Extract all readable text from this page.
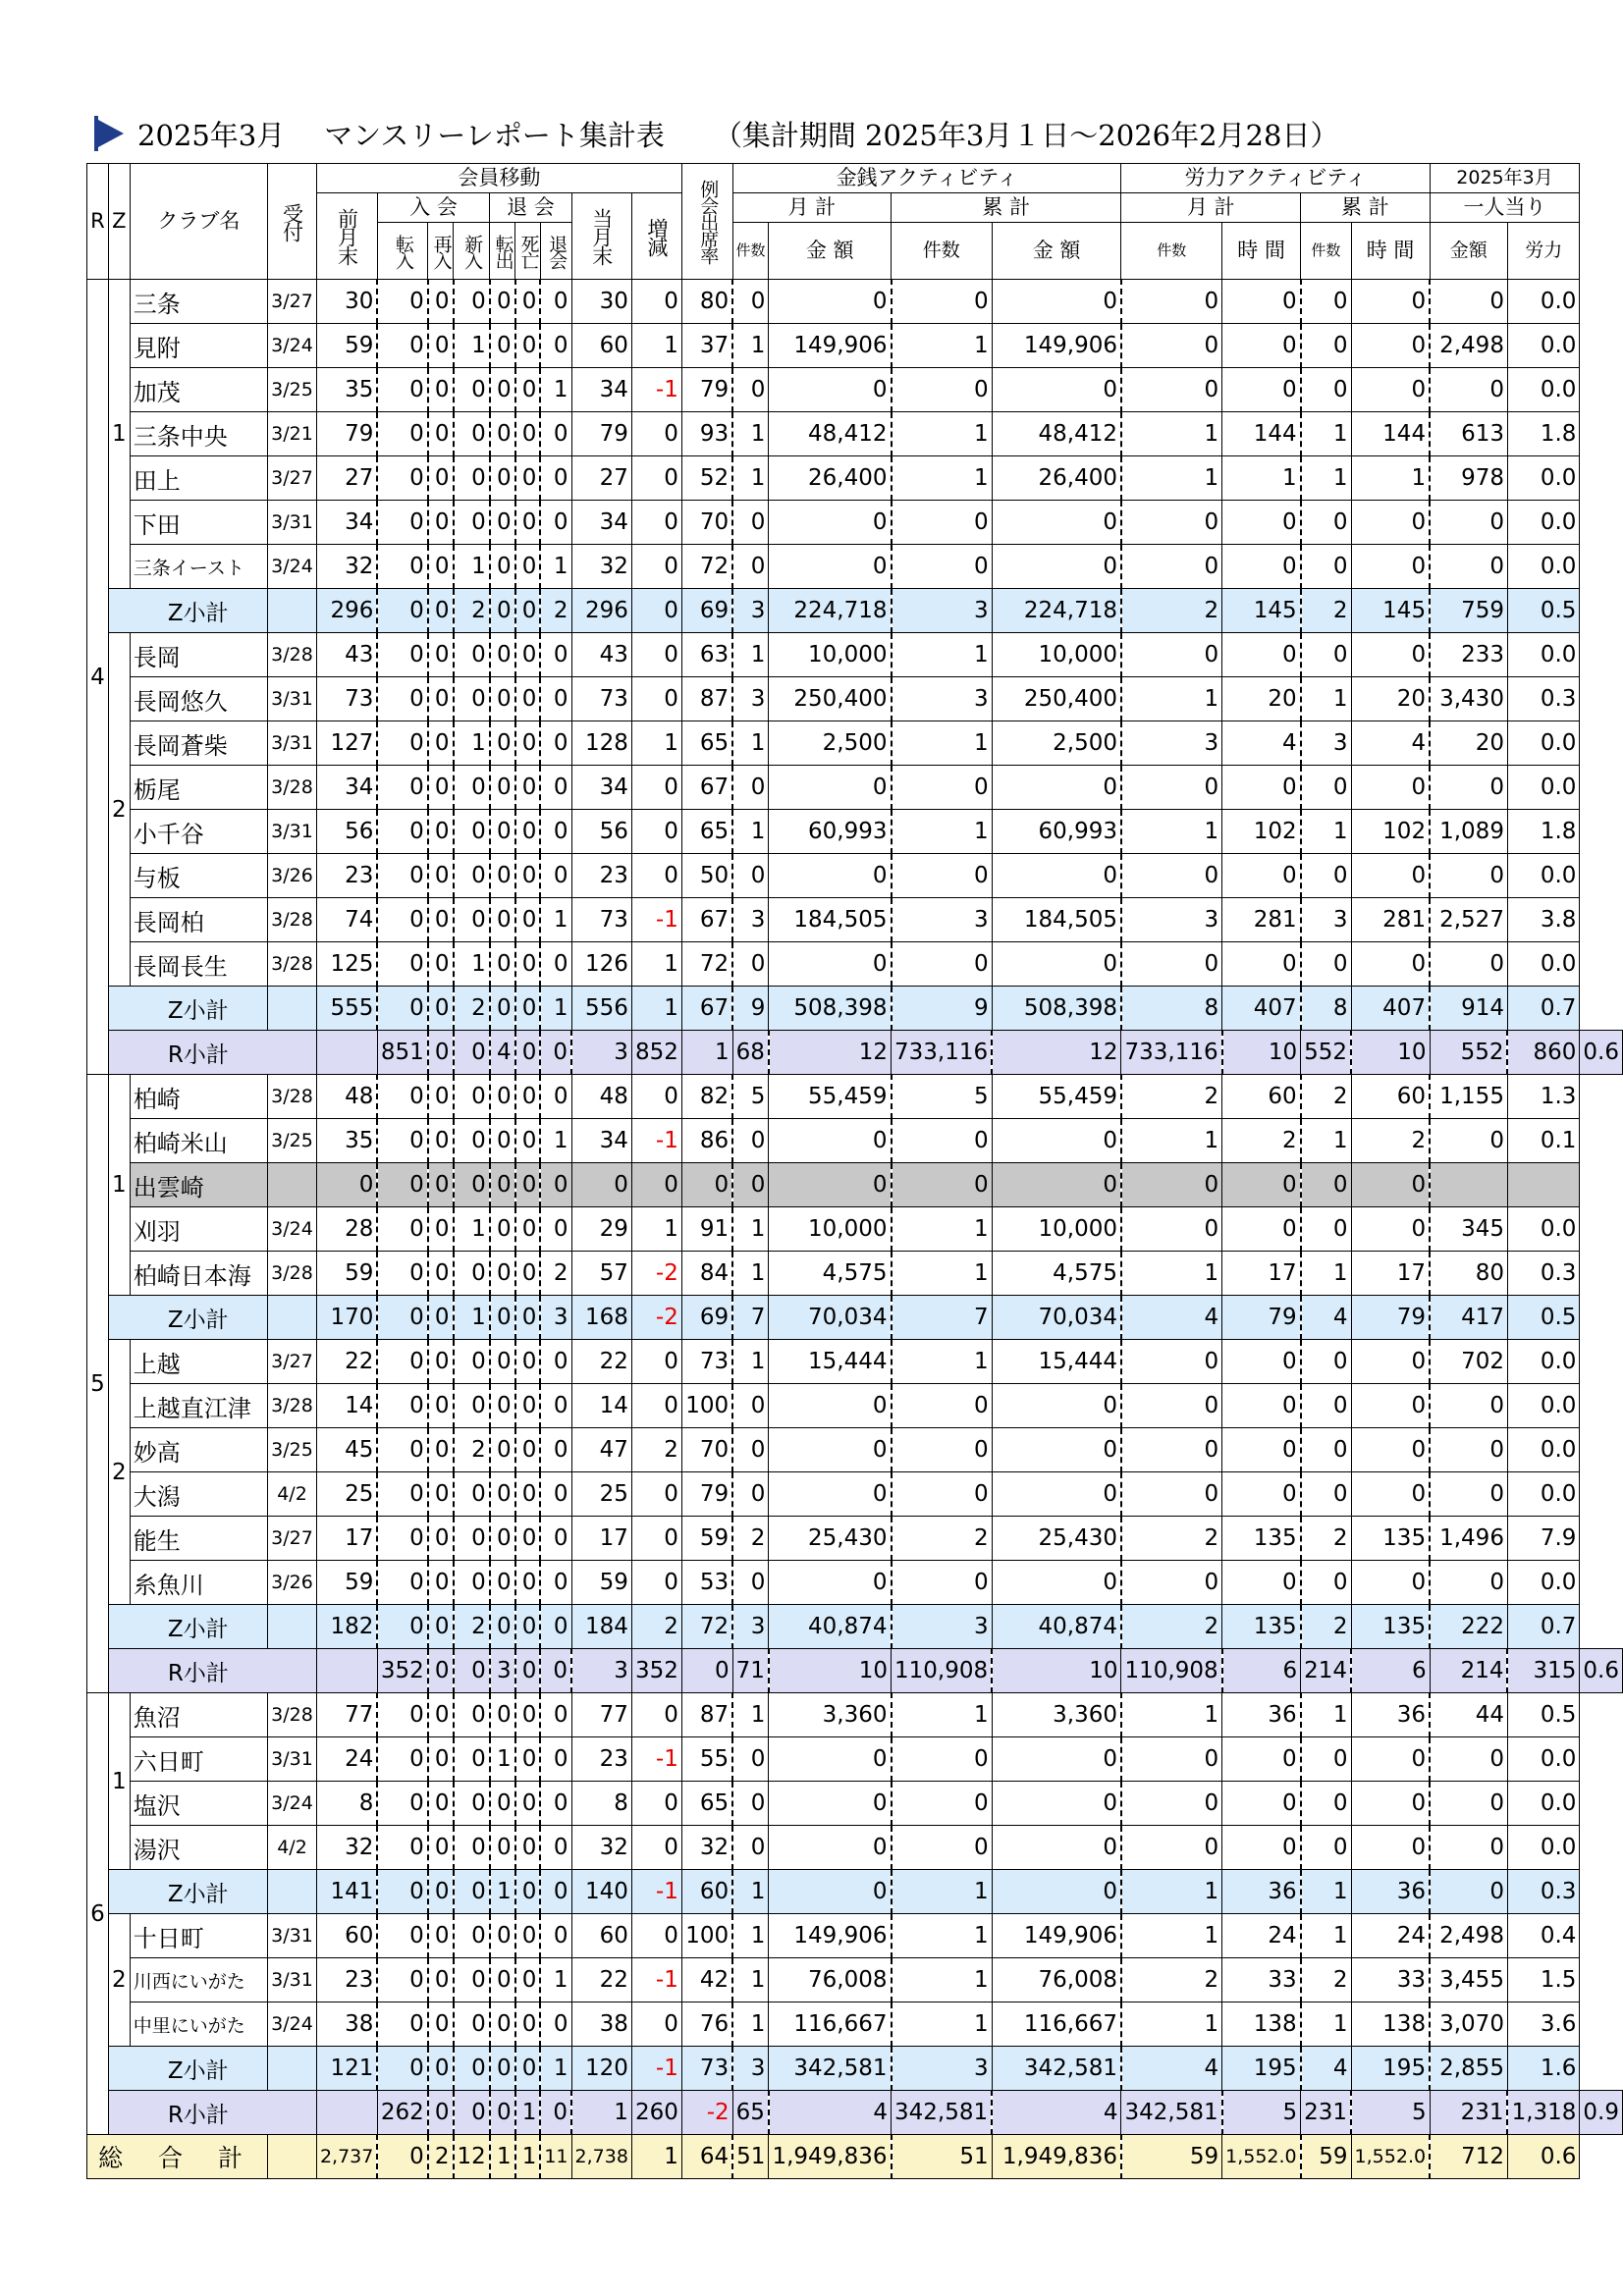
2025年3月 マンスリーレポート集計表 （集計期間 2025年3月１日～2026年2月28日）
R	Z	クラブ名	受付	会員移動									例会出席率	金銭アクティビティ				労力アクティビティ				2025年3月		
				前月末	入 会			退 会			当月末	増減		月 計		累 計		月 計		累 計		一人当り		
					転入	再入	新入	転出	死亡	退会				件数	金 額	件数	金 額	件数	時 間	件数	時 間	金額	労力	
4	1	三条	3/27	30	0	0	0	0	0	0	30	0	80	0	0	0	0	0	0	0	0	0	0.0	
		見附	3/24	59	0	0	1	0	0	0	60	1	37	1	149,906	1	149,906	0	0	0	0	2,498	0.0	
		加茂	3/25	35	0	0	0	0	0	1	34	-1	79	0	0	0	0	0	0	0	0	0	0.0	
		三条中央	3/21	79	0	0	0	0	0	0	79	0	93	1	48,412	1	48,412	1	144	1	144	613	1.8	
		田上	3/27	27	0	0	0	0	0	0	27	0	52	1	26,400	1	26,400	1	1	1	1	978	0.0	
		下田	3/31	34	0	0	0	0	0	0	34	0	70	0	0	0	0	0	0	0	0	0	0.0	
		三条イースト	3/24	32	0	0	1	0	0	1	32	0	72	0	0	0	0	0	0	0	0	0	0.0	
	Z小計			296	0	0	2	0	0	2	296	0	69	3	224,718	3	224,718	2	145	2	145	759	0.5	
	2	長岡	3/28	43	0	0	0	0	0	0	43	0	63	1	10,000	1	10,000	0	0	0	0	233	0.0	
		長岡悠久	3/31	73	0	0	0	0	0	0	73	0	87	3	250,400	3	250,400	1	20	1	20	3,430	0.3	
		長岡蒼柴	3/31	127	0	0	1	0	0	0	128	1	65	1	2,500	1	2,500	3	4	3	4	20	0.0	
		栃尾	3/28	34	0	0	0	0	0	0	34	0	67	0	0	0	0	0	0	0	0	0	0.0	
		小千谷	3/31	56	0	0	0	0	0	0	56	0	65	1	60,993	1	60,993	1	102	1	102	1,089	1.8	
		与板	3/26	23	0	0	0	0	0	0	23	0	50	0	0	0	0	0	0	0	0	0	0.0	
		長岡柏	3/28	74	0	0	0	0	0	1	73	-1	67	3	184,505	3	184,505	3	281	3	281	2,527	3.8	
		長岡長生	3/28	125	0	0	1	0	0	0	126	1	72	0	0	0	0	0	0	0	0	0	0.0	
	Z小計			555	0	0	2	0	0	1	556	1	67	9	508,398	9	508,398	8	407	8	407	914	0.7	
	R小計				851	0	0	4	0	0	3	852	1	68	12	733,116	12	733,116	10	552	10	552	860	0.6
5	1	柏崎	3/28	48	0	0	0	0	0	0	48	0	82	5	55,459	5	55,459	2	60	2	60	1,155	1.3	
		柏崎米山	3/25	35	0	0	0	0	0	1	34	-1	86	0	0	0	0	1	2	1	2	0	0.1	
		出雲崎		0	0	0	0	0	0	0	0	0	0	0	0	0	0	0	0	0	0			
		刈羽	3/24	28	0	0	1	0	0	0	29	1	91	1	10,000	1	10,000	0	0	0	0	345	0.0	
		柏崎日本海	3/28	59	0	0	0	0	0	2	57	-2	84	1	4,575	1	4,575	1	17	1	17	80	0.3	
	Z小計			170	0	0	1	0	0	3	168	-2	69	7	70,034	7	70,034	4	79	4	79	417	0.5	
	2	上越	3/27	22	0	0	0	0	0	0	22	0	73	1	15,444	1	15,444	0	0	0	0	702	0.0	
		上越直江津	3/28	14	0	0	0	0	0	0	14	0	100	0	0	0	0	0	0	0	0	0	0.0	
		妙高	3/25	45	0	0	2	0	0	0	47	2	70	0	0	0	0	0	0	0	0	0	0.0	
		大潟	4/2	25	0	0	0	0	0	0	25	0	79	0	0	0	0	0	0	0	0	0	0.0	
		能生	3/27	17	0	0	0	0	0	0	17	0	59	2	25,430	2	25,430	2	135	2	135	1,496	7.9	
		糸魚川	3/26	59	0	0	0	0	0	0	59	0	53	0	0	0	0	0	0	0	0	0	0.0	
	Z小計			182	0	0	2	0	0	0	184	2	72	3	40,874	3	40,874	2	135	2	135	222	0.7	
	R小計				352	0	0	3	0	0	3	352	0	71	10	110,908	10	110,908	6	214	6	214	315	0.6
6	1	魚沼	3/28	77	0	0	0	0	0	0	77	0	87	1	3,360	1	3,360	1	36	1	36	44	0.5	
		六日町	3/31	24	0	0	0	1	0	0	23	-1	55	0	0	0	0	0	0	0	0	0	0.0	
		塩沢	3/24	8	0	0	0	0	0	0	8	0	65	0	0	0	0	0	0	0	0	0	0.0	
		湯沢	4/2	32	0	0	0	0	0	0	32	0	32	0	0	0	0	0	0	0	0	0	0.0	
	Z小計			141	0	0	0	1	0	0	140	-1	60	1	0	1	0	1	36	1	36	0	0.3	
	2	十日町	3/31	60	0	0	0	0	0	0	60	0	100	1	149,906	1	149,906	1	24	1	24	2,498	0.4	
		川西にいがた	3/31	23	0	0	0	0	0	1	22	-1	42	1	76,008	1	76,008	2	33	2	33	3,455	1.5	
		中里にいがた	3/24	38	0	0	0	0	0	0	38	0	76	1	116,667	1	116,667	1	138	1	138	3,070	3.6	
	Z小計			121	0	0	0	0	0	1	120	-1	73	3	342,581	3	342,581	4	195	4	195	2,855	1.6	
	R小計				262	0	0	0	1	0	1	260	-2	65	4	342,581	4	342,581	5	231	5	231	1,318	0.9
総 合 計				2,737	0	2	12	1	1	11	2,738	1	64	51	1,949,836	51	1,949,836	59	1,552.0	59	1,552.0	712	0.6	
